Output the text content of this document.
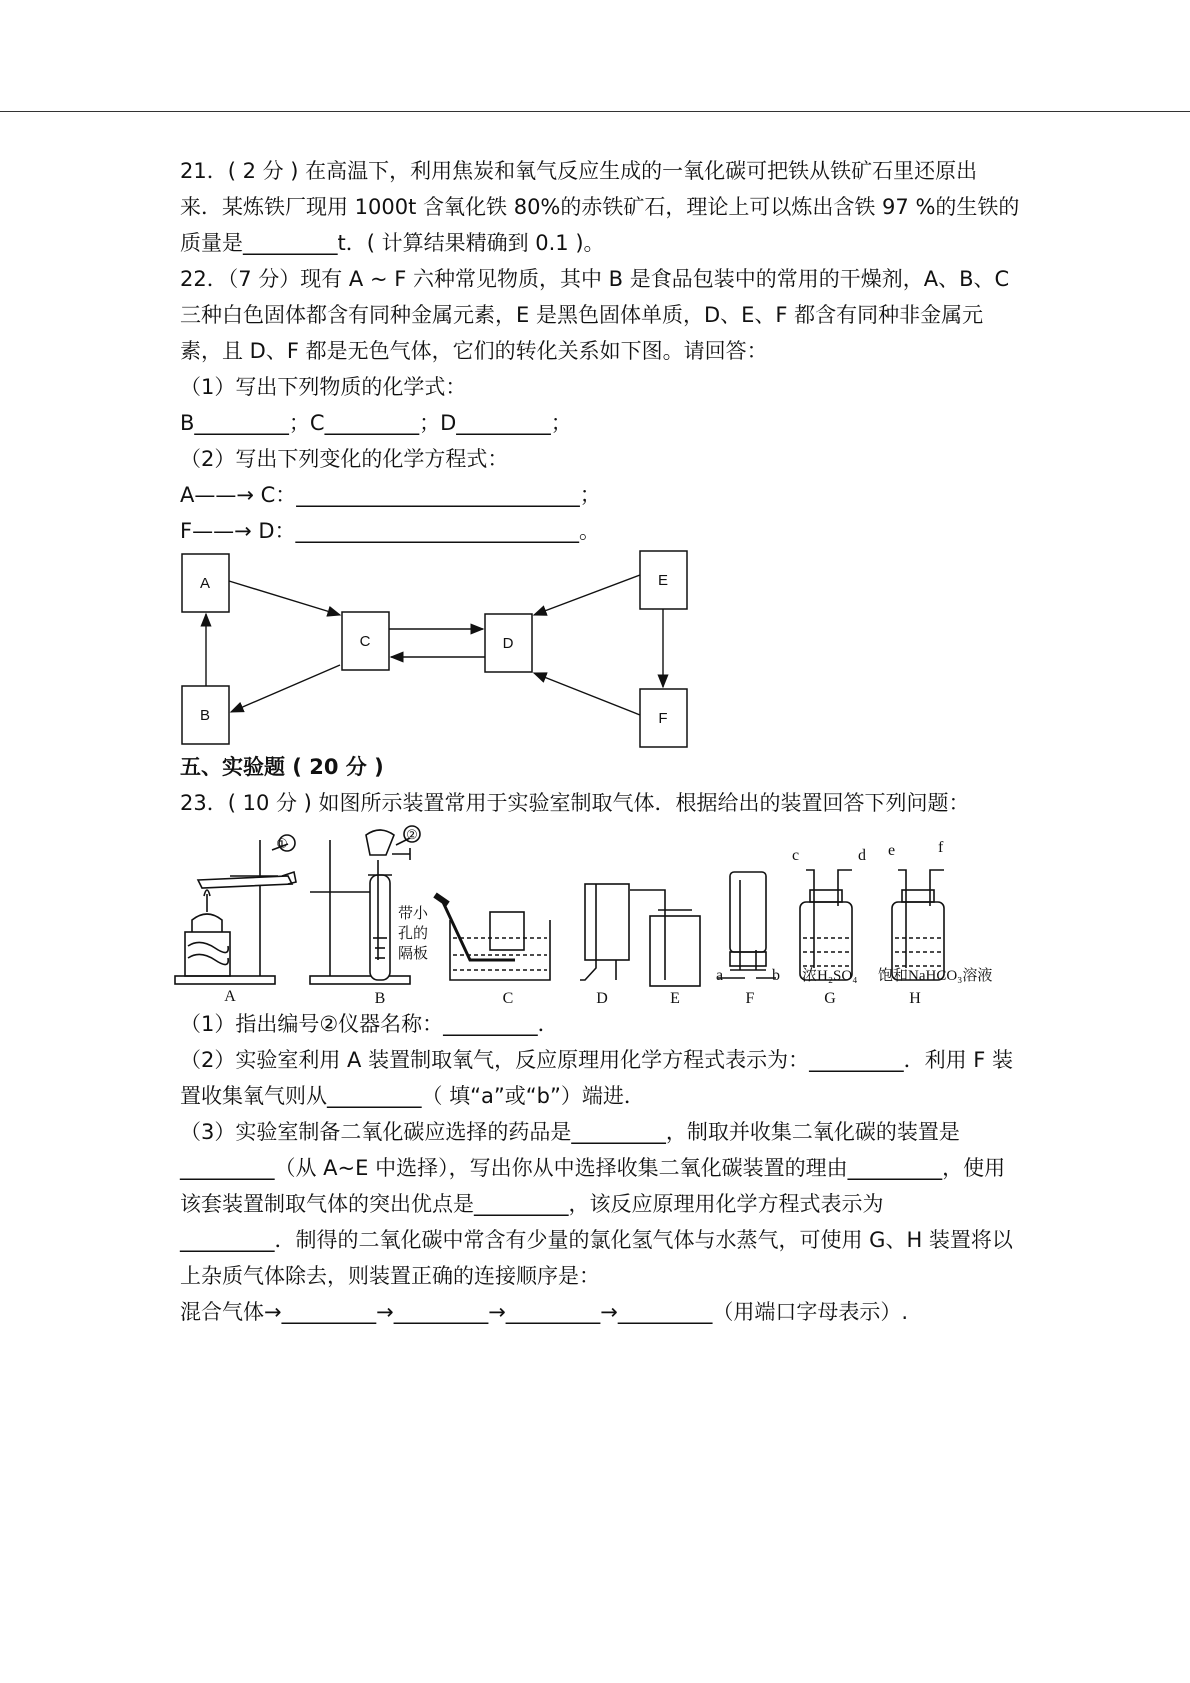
21．( 2 分 ) 在高温下，利用焦炭和氧气反应生成的一氧化碳可把铁从铁矿石里还原出
来．某炼铁厂现用 1000t 含氧化铁 80%的赤铁矿石，理论上可以炼出含铁 97 %的生铁的
质量是_________t．( 计算结果精确到 0.1 )。
22．（7 分）现有 A ~ F 六种常见物质，其中 B 是食品包装中的常用的干燥剂，A、B、C
三种白色固体都含有同种金属元素，E 是黑色固体单质，D、E、F 都含有同种非金属元
素，且 D、F 都是无色气体，它们的转化关系如下图。请回答：
（1）写出下列物质的化学式：
B_________；C_________；D_________；
（2）写出下列变化的化学方程式：
A——→ C：___________________________；
F——→ D：___________________________。
A
B
C	D
E
F
五、实验题 ( 20 分 )
23．( 10 分 ) 如图所示装置常用于实验室制取气体．根据给出的装置回答下列问题：
①
②
带小
孔的
隔板
c	d e	f
a	b 浓H₂SO₄ 饱和NaHCO₃溶液
A	B	C	D	E	F	G	H
（1）指出编号②仪器名称：_________．
（2）实验室利用 A 装置制取氧气，反应原理用化学方程式表示为：_________．利用 F 装
置收集氧气则从_________（ 填“a”或“b”）端进．
（3）实验室制备二氧化碳应选择的药品是_________，制取并收集二氧化碳的装置是
_________（从 A~E 中选择），写出你从中选择收集二氧化碳装置的理由_________，使用
该套装置制取气体的突出优点是_________，该反应原理用化学方程式表示为
_________．制得的二氧化碳中常含有少量的氯化氢气体与水蒸气，可使用 G、H 装置将以
上杂质气体除去，则装置正确的连接顺序是：
混合气体→_________→_________→_________→_________（用端口字母表示）.
